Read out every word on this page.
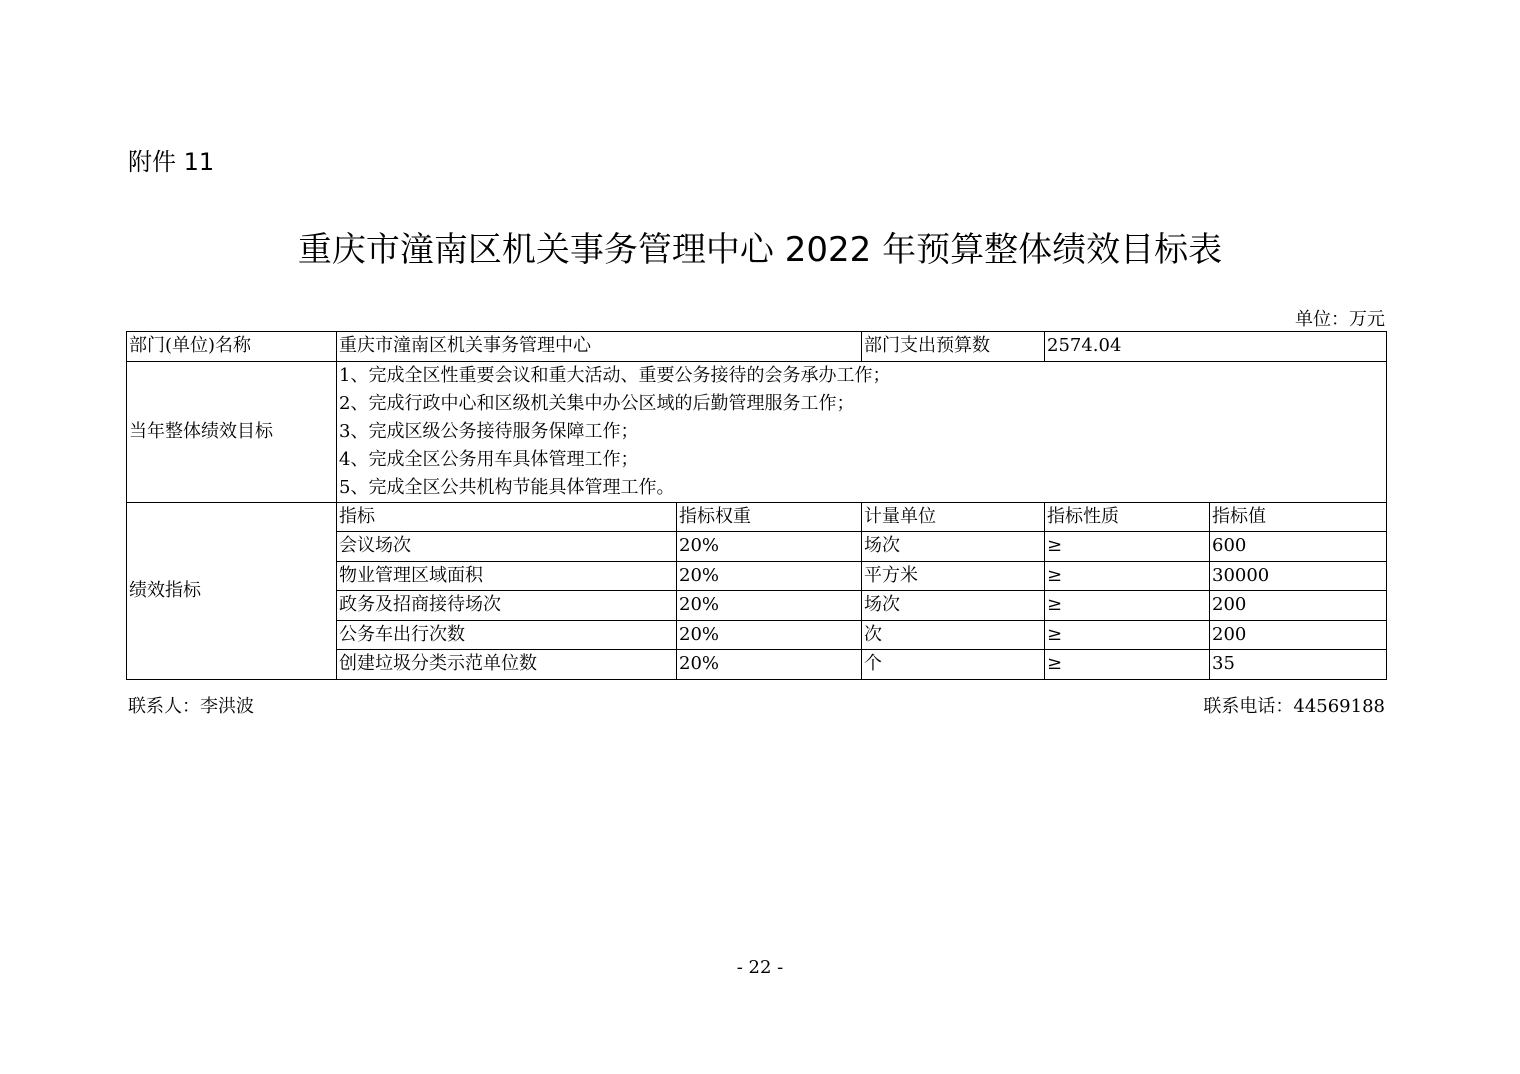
附件 11
重庆市潼南区机关事务管理中心 2022 年预算整体绩效目标表
单位：万元
部门(单位)名称	重庆市潼南区机关事务管理中心		部门支出预算数	2574.04	
当年整体绩效目标	1、完成全区性重要会议和重大活动、重要公务接待的会务承办工作；
2、完成行政中心和区级机关集中办公区域的后勤管理服务工作；
3、完成区级公务接待服务保障工作；
4、完成全区公务用车具体管理工作；
5、完成全区公共机构节能具体管理工作。				

绩效指标	指标	指标权重	计量单位	指标性质	指标值
	会议场次	20%	场次	≥	600
	物业管理区域面积	20%	平方米	≥	30000
	政务及招商接待场次	20%	场次	≥	200
	公务车出行次数	20%	次	≥	200
	创建垃圾分类示范单位数	20%	个	≥	35
联系人：李洪波	联系电话：44569188
- 22 -
